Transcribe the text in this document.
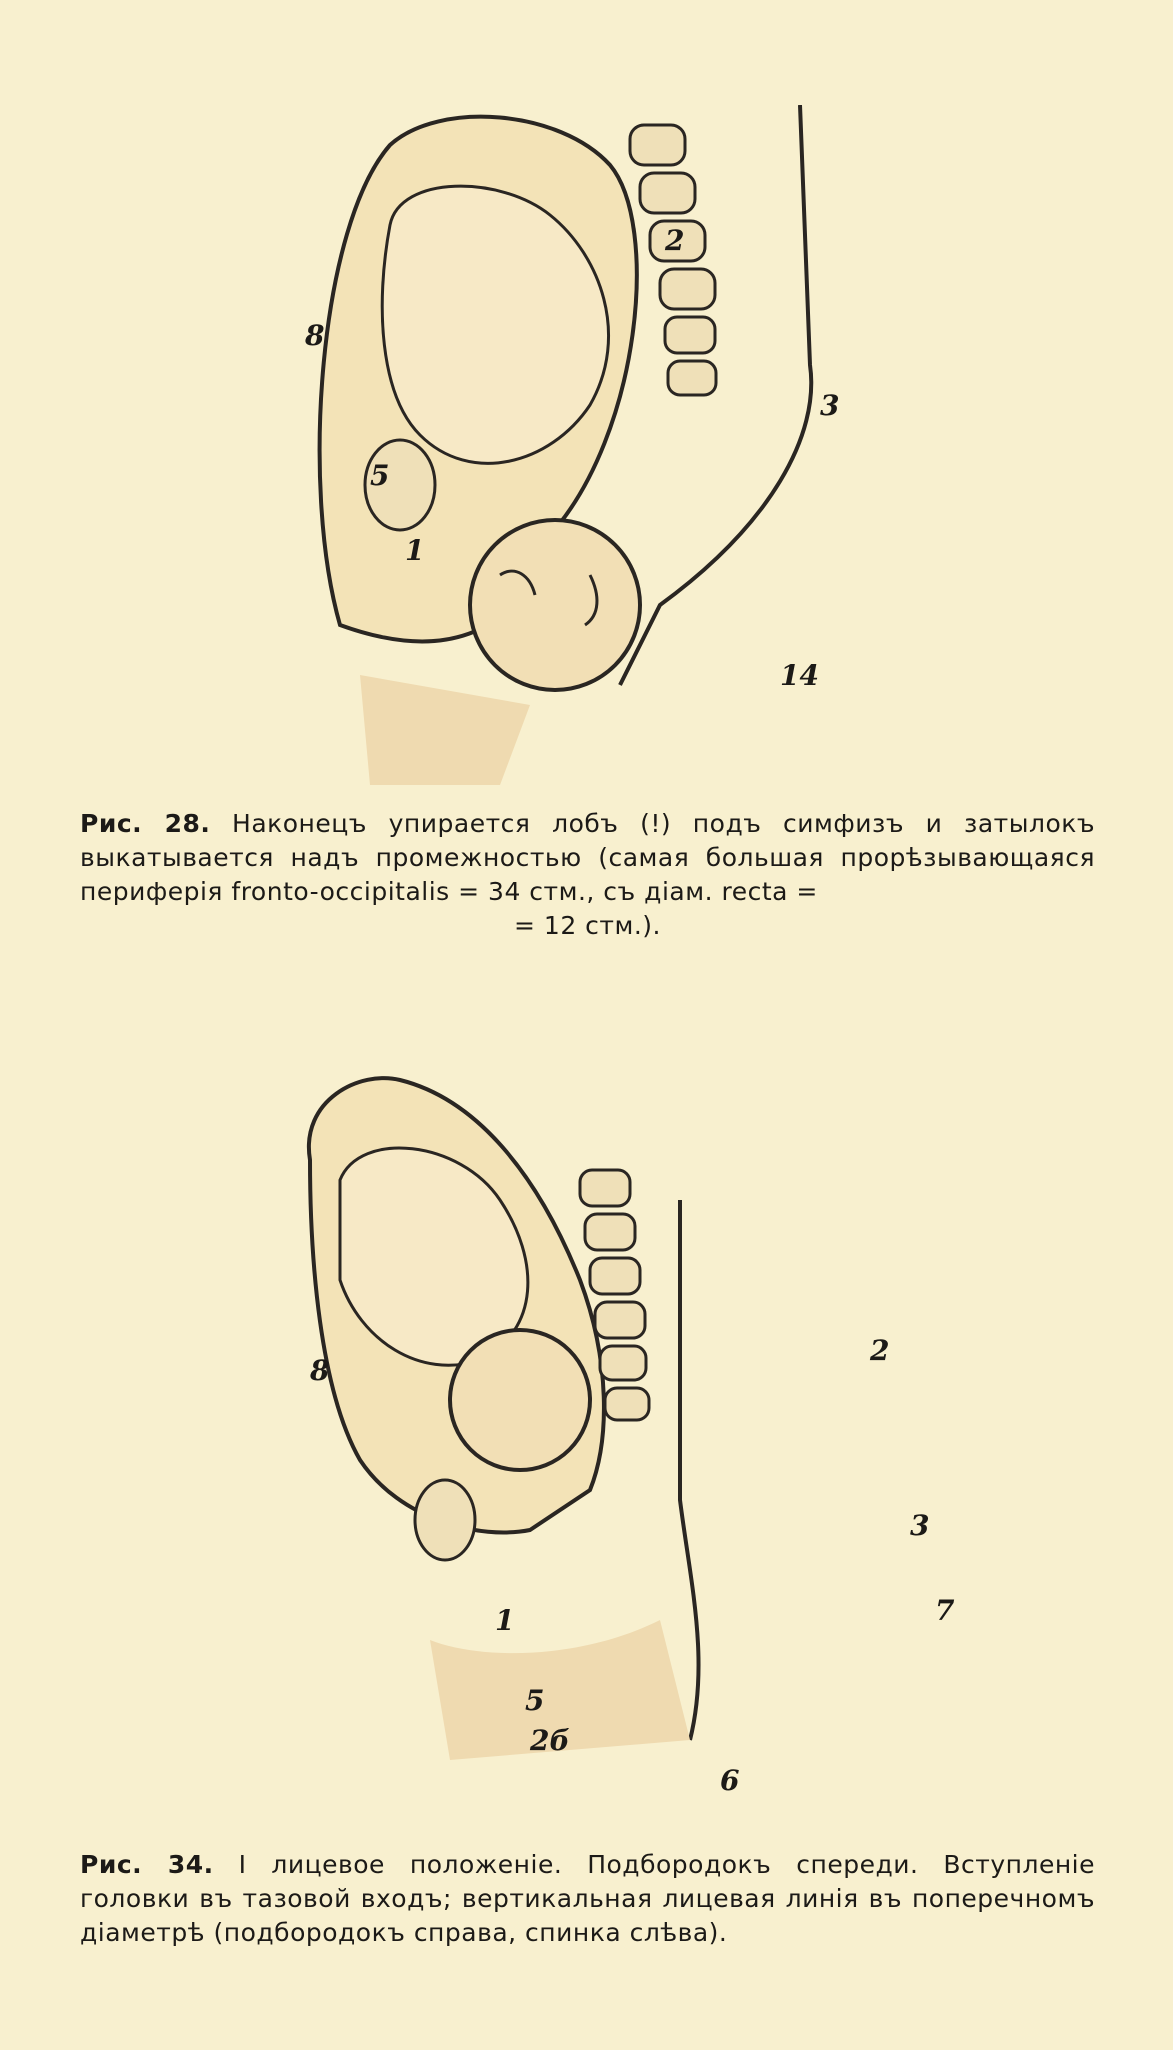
8
5
1
2
3
14
Рис. 28. Наконецъ упирается лобъ (!) подъ симфизъ и затылокъ выкатывается надъ промежностью (самая большая прорѣзывающаяся периферія fronto-occipitalis = 34 стм., съ діам. recta =
= 12 стм.).
8
2
3
7
1
5
2б
6
Рис. 34. I лицевое положеніе. Подбородокъ спереди. Вступленіе головки въ тазовой входъ; вертикальная лицевая линія въ поперечномъ діаметрѣ (подбородокъ справа, спинка слѣва).
